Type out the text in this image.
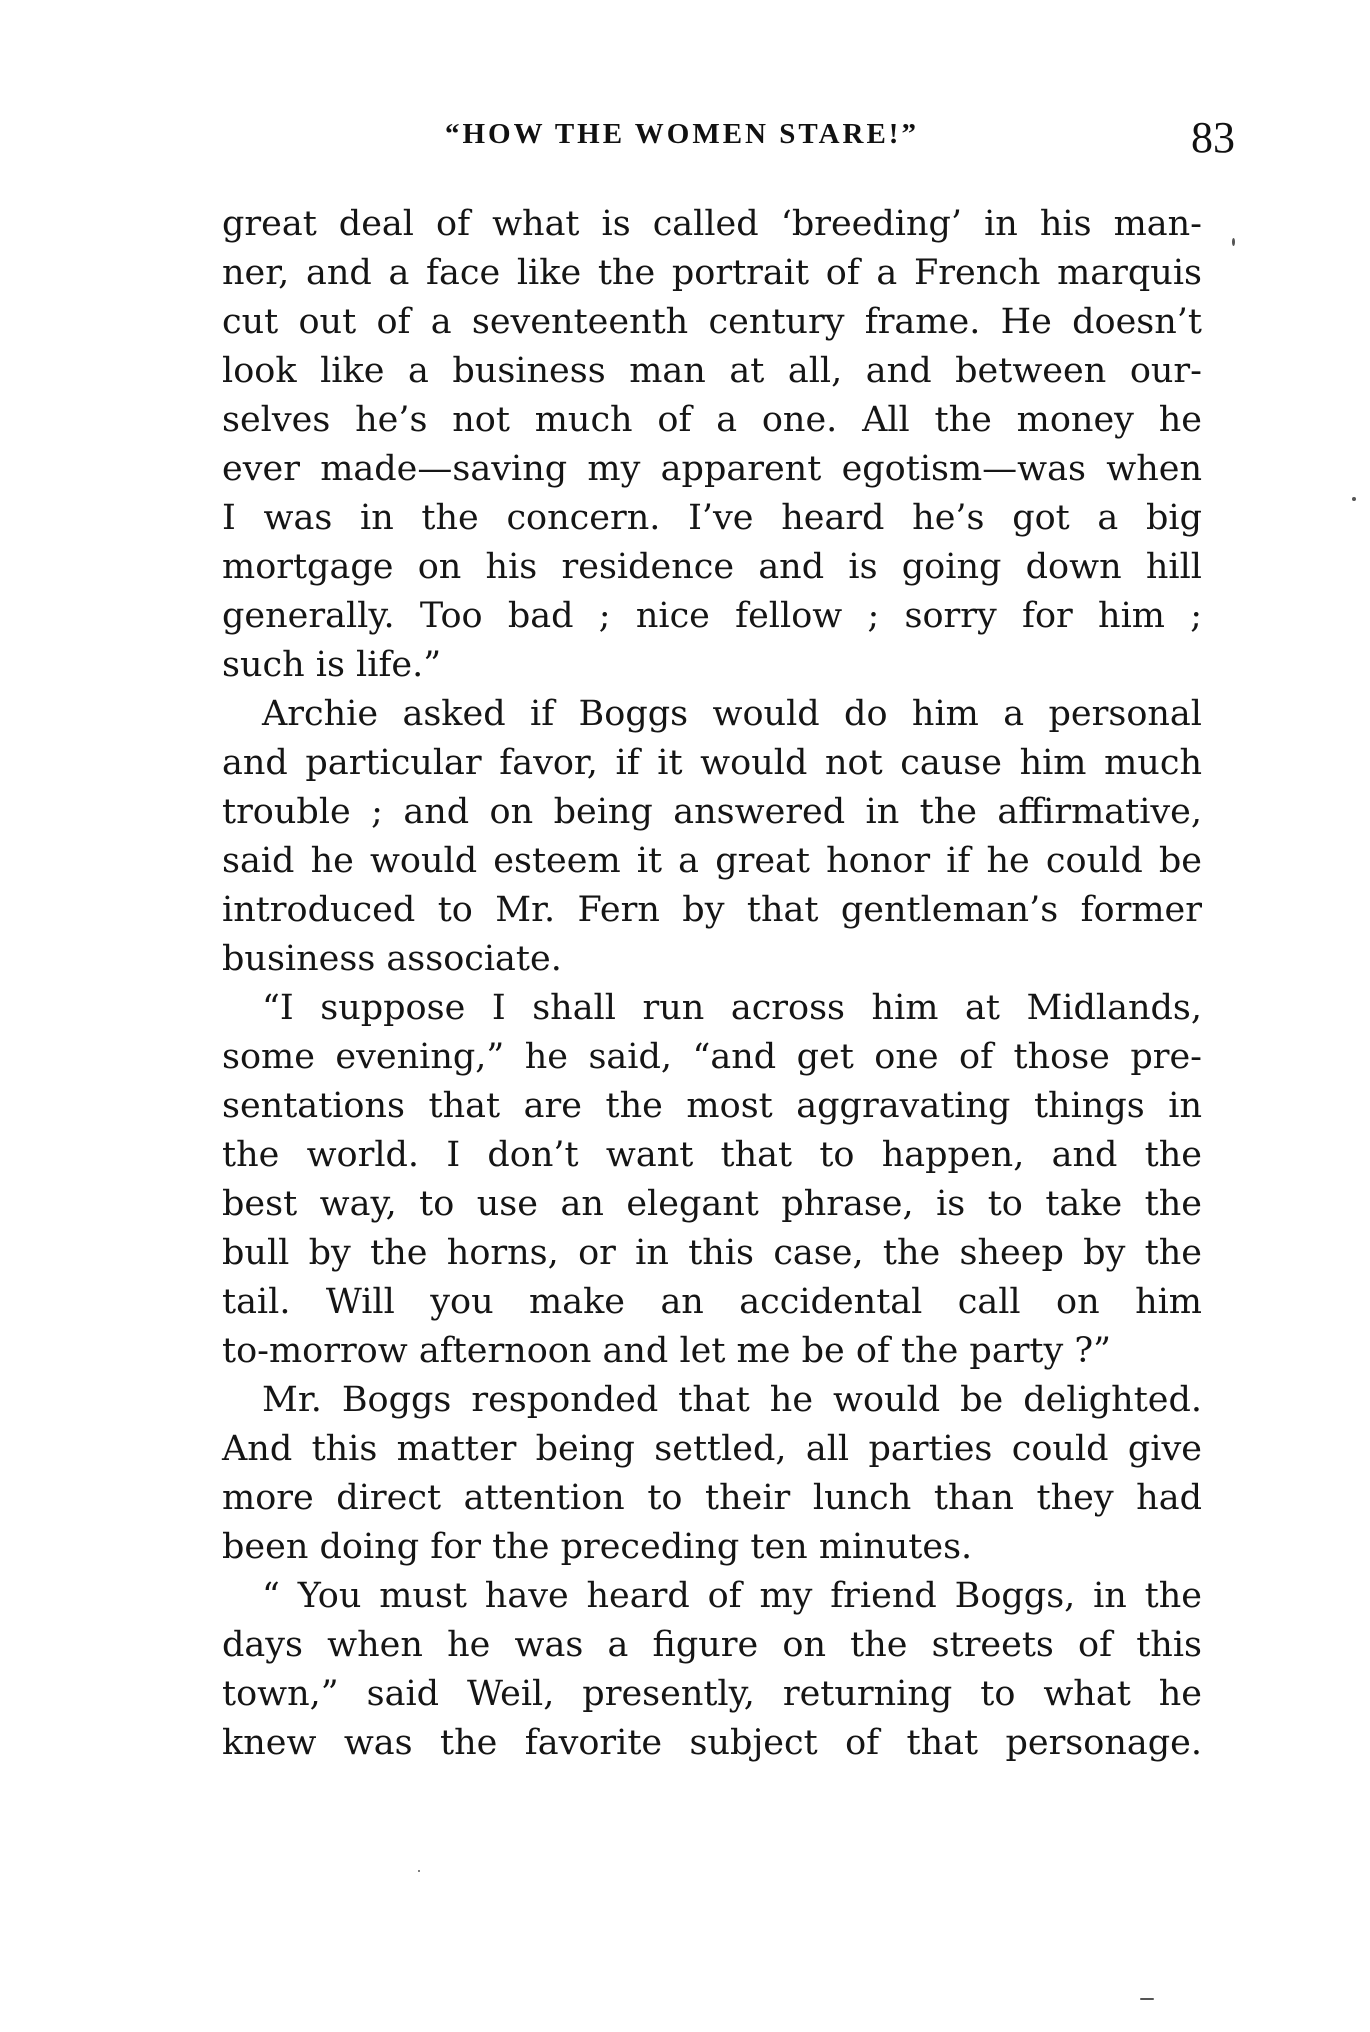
“HOW THE WOMEN STARE!”	83
great deal of what is called ‘breeding’ in his man-
ner, and a face like the portrait of a French marquis
cut out of a seventeenth century frame. He doesn’t
look like a business man at all, and between our-
selves he’s not much of a one. All the money he
ever made—saving my apparent egotism—was when
I was in the concern. I’ve heard he’s got a big
mortgage on his residence and is going down hill
generally. Too bad ; nice fellow ; sorry for him ;
such is life.”
Archie asked if Boggs would do him a personal
and particular favor, if it would not cause him much
trouble ; and on being answered in the affirmative,
said he would esteem it a great honor if he could be
introduced to Mr. Fern by that gentleman’s former
business associate.
“I suppose I shall run across him at Midlands,
some evening,” he said, “and get one of those pre-
sentations that are the most aggravating things in
the world. I don’t want that to happen, and the
best way, to use an elegant phrase, is to take the
bull by the horns, or in this case, the sheep by the
tail. Will you make an accidental call on him
to-morrow afternoon and let me be of the party ?”
Mr. Boggs responded that he would be delighted.
And this matter being settled, all parties could give
more direct attention to their lunch than they had
been doing for the preceding ten minutes.
“ You must have heard of my friend Boggs, in the
days when he was a figure on the streets of this
town,” said Weil, presently, returning to what he
knew was the favorite subject of that personage.
